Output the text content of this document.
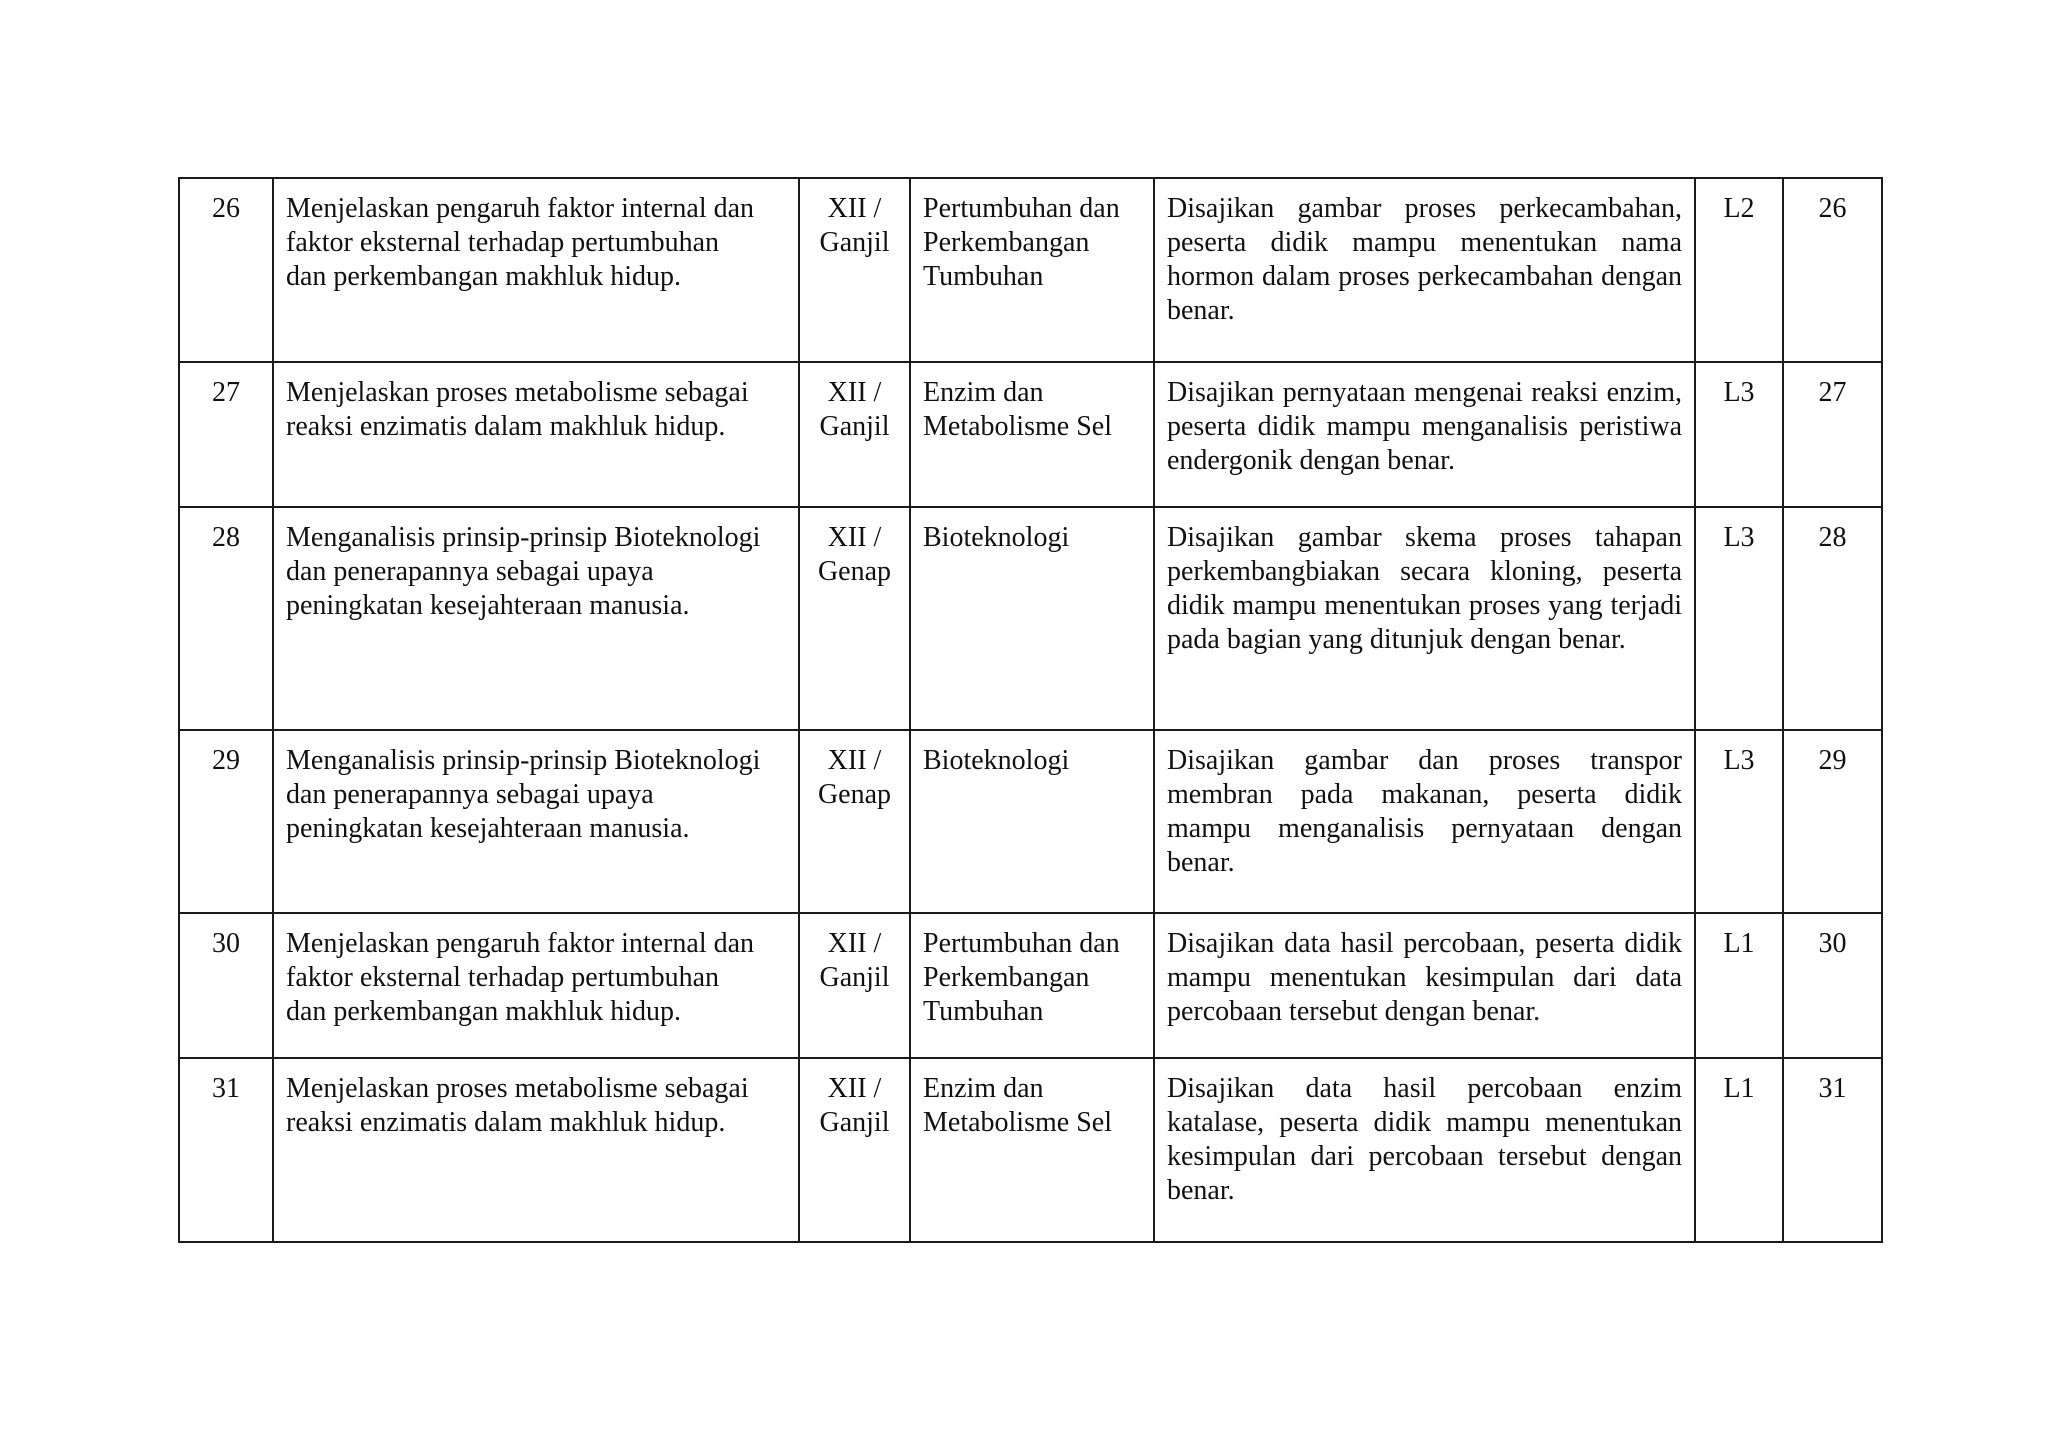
26	Menjelaskan pengaruh faktor internal dan
faktor eksternal terhadap pertumbuhan
dan perkembangan makhluk hidup.	XII /
Ganjil	Pertumbuhan dan
Perkembangan
Tumbuhan	Disajikan gambar proses perkecambahan, peserta didik mampu menentukan nama hormon dalam proses perkecambahan dengan benar.	L2	26
27	Menjelaskan proses metabolisme sebagai
reaksi enzimatis dalam makhluk hidup.	XII /
Ganjil	Enzim dan
Metabolisme Sel	Disajikan pernyataan mengenai reaksi enzim, peserta didik mampu menganalisis peristiwa endergonik dengan benar.	L3	27
28	Menganalisis prinsip-prinsip Bioteknologi
dan penerapannya sebagai upaya
peningkatan kesejahteraan manusia.	XII /
Genap	Bioteknologi	Disajikan gambar skema proses tahapan perkembangbiakan secara kloning, peserta didik mampu menentukan proses yang terjadi pada bagian yang ditunjuk dengan benar.	L3	28
29	Menganalisis prinsip-prinsip Bioteknologi
dan penerapannya sebagai upaya
peningkatan kesejahteraan manusia.	XII /
Genap	Bioteknologi	Disajikan gambar dan proses transpor membran pada makanan, peserta didik mampu menganalisis pernyataan dengan benar.	L3	29
30	Menjelaskan pengaruh faktor internal dan
faktor eksternal terhadap pertumbuhan
dan perkembangan makhluk hidup.	XII /
Ganjil	Pertumbuhan dan
Perkembangan
Tumbuhan	Disajikan data hasil percobaan, peserta didik mampu menentukan kesimpulan dari data percobaan tersebut dengan benar.	L1	30
31	Menjelaskan proses metabolisme sebagai
reaksi enzimatis dalam makhluk hidup.	XII /
Ganjil	Enzim dan
Metabolisme Sel	Disajikan data hasil percobaan enzim katalase, peserta didik mampu menentukan kesimpulan dari percobaan tersebut dengan benar.	L1	31
